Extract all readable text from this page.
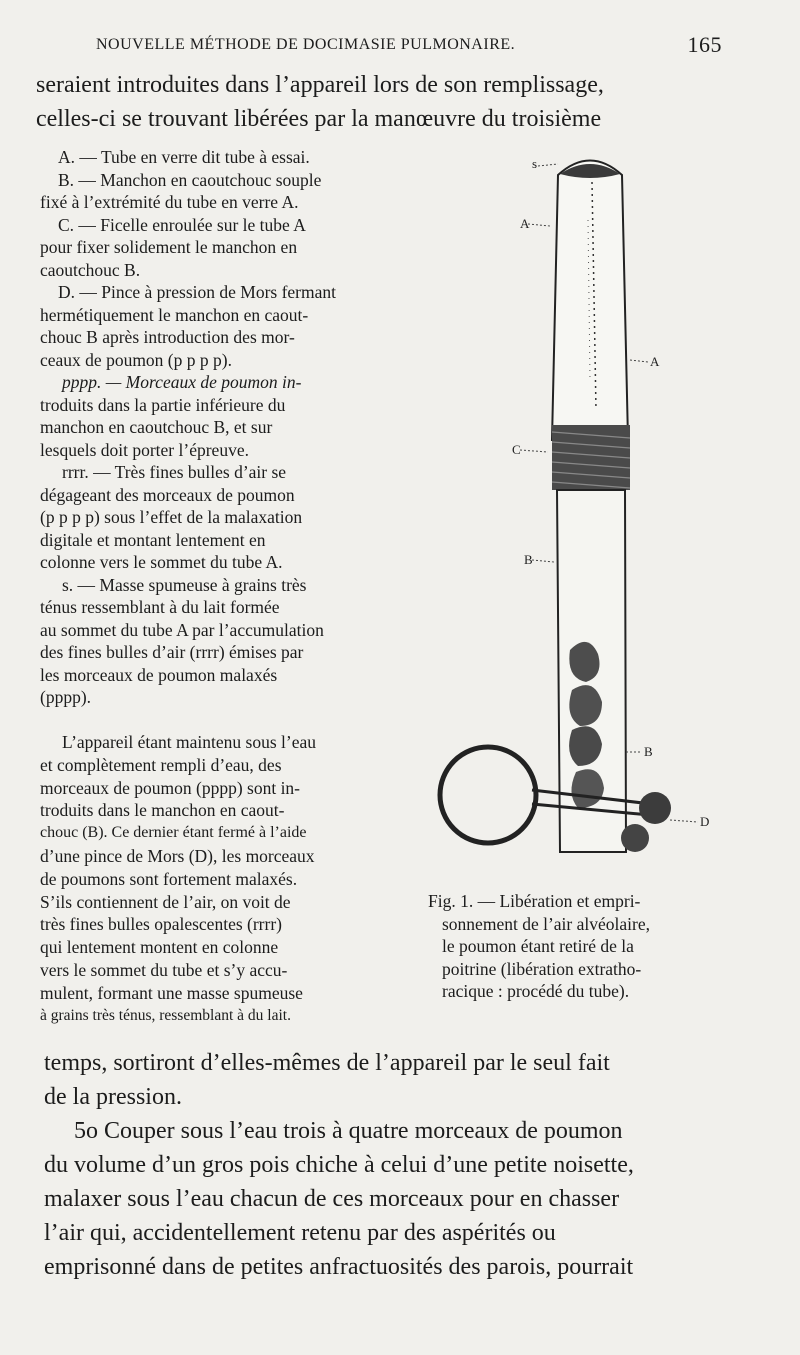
NOUVELLE MÉTHODE DE DOCIMASIE PULMONAIRE.	165
seraient introduites dans l’appareil lors de son remplissage,
celles-ci se trouvant libérées par la manœuvre du troisième
A. — Tube en verre dit tube à essai.
B. — Manchon en caoutchouc souple
fixé à l’extrémité du tube en verre A.
C. — Ficelle enroulée sur le tube A
pour fixer solidement le manchon en
caoutchouc B.
D. — Pince à pression de Mors fermant
hermétiquement le manchon en caout-
chouc B après introduction des mor-
ceaux de poumon (p p p p).
pppp. — Morceaux de poumon in-
troduits dans la partie inférieure du
manchon en caoutchouc B, et sur
lesquels doit porter l’épreuve.
rrrr. — Très fines bulles d’air se
dégageant des morceaux de poumon
(p p p p) sous l’effet de la malaxation
digitale et montant lentement en
colonne vers le sommet du tube A.
s. — Masse spumeuse à grains très
ténus ressemblant à du lait formée
au sommet du tube A par l’accumulation
des fines bulles d’air (rrrr) émises par
les morceaux de poumon malaxés
(pppp).
L’appareil étant maintenu sous l’eau
et complètement rempli d’eau, des
morceaux de poumon (pppp) sont in-
troduits dans le manchon en caout-
chouc (B). Ce dernier étant fermé à l’aide
d’une pince de Mors (D), les morceaux
de poumons sont fortement malaxés.
S’ils contiennent de l’air, on voit de
très fines bulles opalescentes (rrrr)
qui lentement montent en colonne
vers le sommet du tube et s’y accu-
mulent, formant une masse spumeuse
à grains très ténus, ressemblant à du lait.
s
A
A
C
B
B
D
Fig. 1. — Libération et empri-
sonnement de l’air alvéolaire,
le poumon étant retiré de la
poitrine (libération extratho-
racique : procédé du tube).
temps, sortiront d’elles-mêmes de l’appareil par le seul fait
de la pression.
5o Couper sous l’eau trois à quatre morceaux de poumon
du volume d’un gros pois chiche à celui d’une petite noisette,
malaxer sous l’eau chacun de ces morceaux pour en chasser
l’air qui, accidentellement retenu par des aspérités ou
emprisonné dans de petites anfractuosités des parois, pourrait
